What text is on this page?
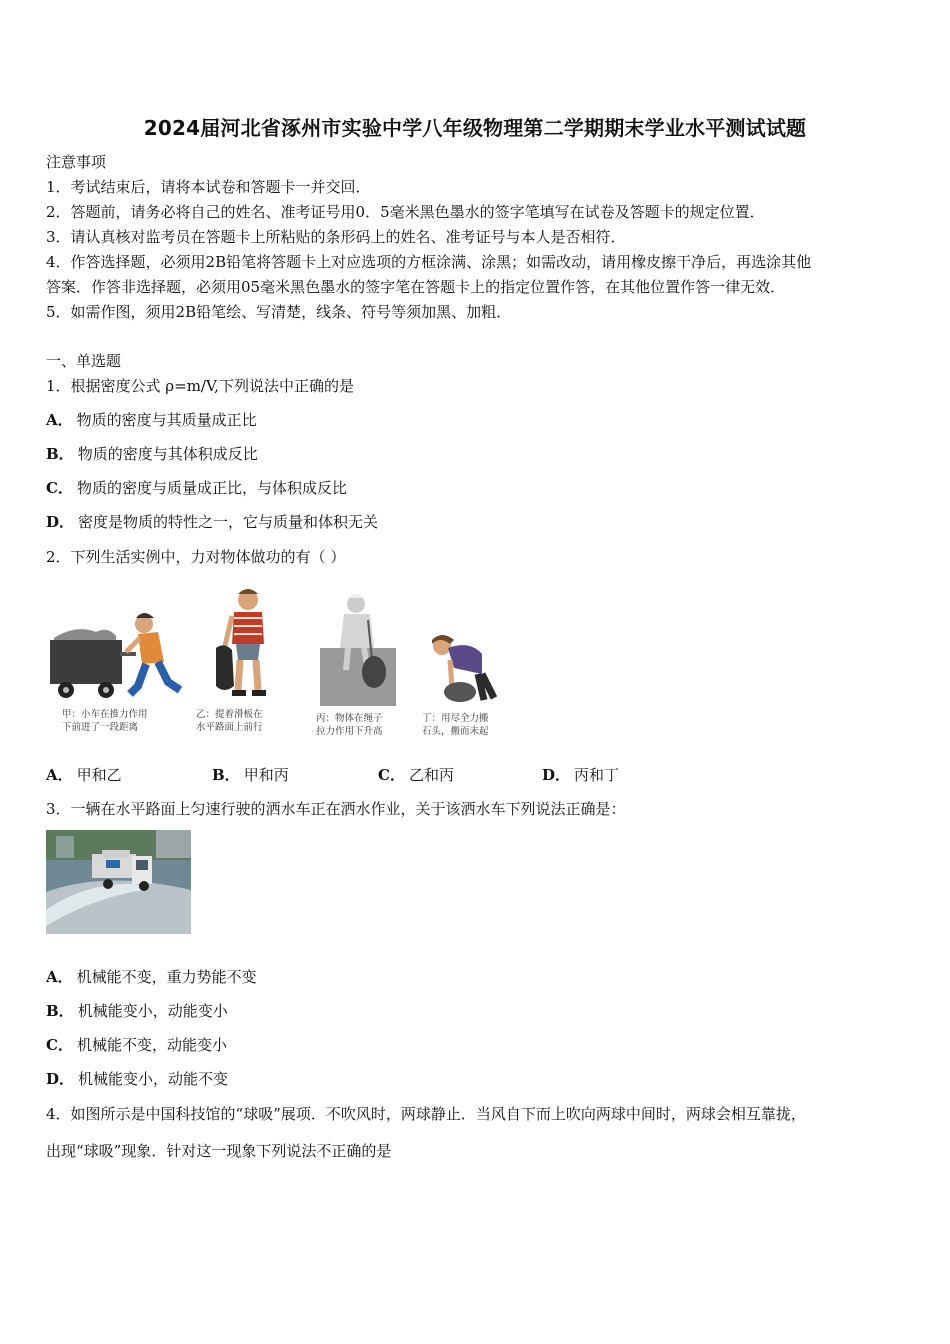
2024届河北省涿州市实验中学八年级物理第二学期期末学业水平测试试题
注意事项
1．考试结束后，请将本试卷和答题卡一并交回．
2．答题前，请务必将自己的姓名、准考证号用0．5毫米黑色墨水的签字笔填写在试卷及答题卡的规定位置．
3．请认真核对监考员在答题卡上所粘贴的条形码上的姓名、准考证号与本人是否相符．
4．作答选择题，必须用2B铅笔将答题卡上对应选项的方框涂满、涂黑；如需改动，请用橡皮擦干净后，再选涂其他
答案．作答非选择题，必须用05毫米黑色墨水的签字笔在答题卡上的指定位置作答，在其他位置作答一律无效．
5．如需作图，须用2B铅笔绘、写清楚，线条、符号等须加黑、加粗．
一、单选题
1．根据密度公式 ρ=m/V,下列说法中正确的是
A． 物质的密度与其质量成正比
B． 物质的密度与其体积成反比
C． 物质的密度与质量成正比，与体积成反比
D． 密度是物质的特性之一，它与质量和体积无关
2．下列生活实例中，力对物体做功的有（ ）
甲：小车在推力作用
下前进了一段距离
乙：提着滑板在
水平路面上前行
丙：物体在绳子
拉力作用下升高
丁：用尽全力搬
石头，搬而未起
A． 甲和乙	B． 甲和丙	C． 乙和丙	D． 丙和丁
3．一辆在水平路面上匀速行驶的洒水车正在洒水作业，关于该洒水车下列说法正确是：
A． 机械能不变，重力势能不变
B． 机械能变小，动能变小
C． 机械能不变，动能变小
D． 机械能变小，动能不变
4．如图所示是中国科技馆的“球吸”展项．不吹风时，两球静止．当风自下而上吹向两球中间时，两球会相互靠拢，
出现“球吸”现象．针对这一现象下列说法不正确的是
